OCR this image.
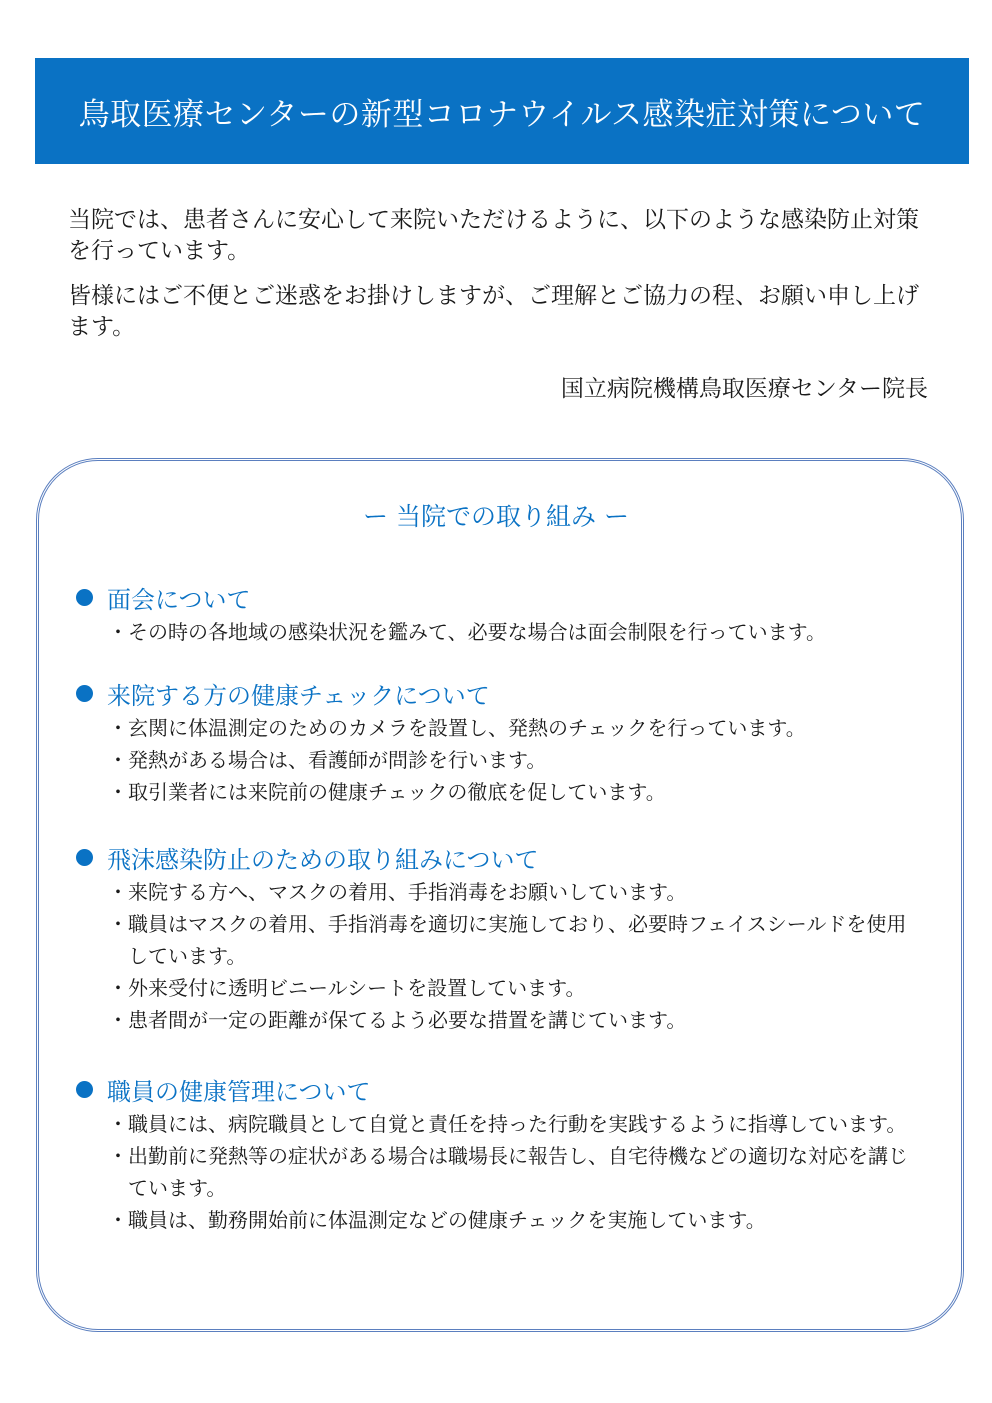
鳥取医療センターの新型コロナウイルス感染症対策について

当院では、患者さんに安心して来院いただけるように、以下のような感染防止対策を行っています。

皆様にはご不便とご迷惑をお掛けしますが、ご理解とご協力の程、お願い申し上げます。

国立病院機構鳥取医療センター院長
ー 当院での取り組み ー
面会について
・ その時の各地域の感染状況を鑑みて、必要な場合は面会制限を行っています。
来院する方の健康チェックについて
・ 玄関に体温測定のためのカメラを設置し、発熱のチェックを行っています。
・ 発熱がある場合は、看護師が問診を行います。
・ 取引業者には来院前の健康チェックの徹底を促しています。
飛沫感染防止のための取り組みについて
・ 来院する方へ、マスクの着用、手指消毒をお願いしています。
・ 職員はマスクの着用、手指消毒を適切に実施しており、必要時フェイスシールドを使用しています。
・ 外来受付に透明ビニールシートを設置しています。
・ 患者間が一定の距離が保てるよう必要な措置を講じています。
職員の健康管理について
・ 職員には、病院職員として自覚と責任を持った行動を実践するように指導しています。
・ 出勤前に発熱等の症状がある場合は職場長に報告し、自宅待機などの適切な対応を講じています。
・ 職員は、勤務開始前に体温測定などの健康チェックを実施しています。
